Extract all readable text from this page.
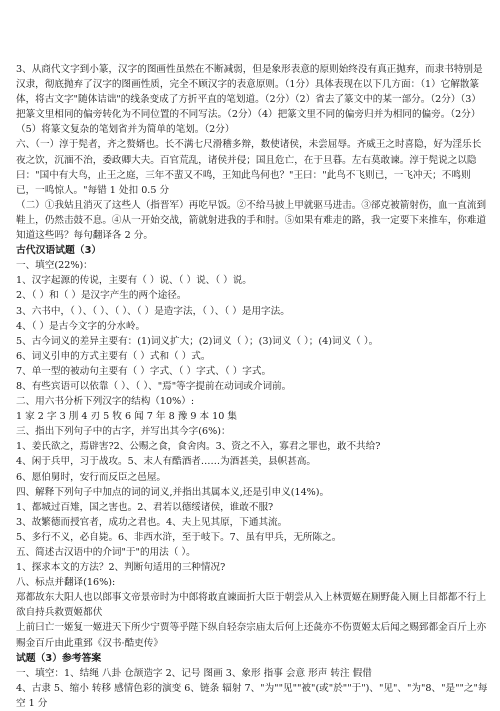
3、从商代文字到小篆，汉字的图画性虽然在不断减弱，但是象形表意的原则始终没有真正抛弃，而隶书特别是汉隶，彻底抛弃了汉字的图画性质，完全不顾汉字的表意原则。（1分）具体表现在以下几方面：（1）它解散篆体，将古文字"随体诘诎"的线条变成了方折平直的笔划道。（2分）（2）省去了篆文中的某一部分。（2分）（3）把篆文里相同的偏旁转化为不同位置的不同写法。（2分）（4）把篆文里不同的偏旁归并为相同的偏旁。（2分）（5）将篆文复杂的笔划省并为简单的笔划。（2分）

六、（一）淳于髡者，齐之赘婿也。长不满七尺滑稽多辩，数使诸侯，未尝屈辱。齐威王之时喜隐，好为淫乐长夜之饮，沉湎不治，委政卿大夫。百官荒乱，诸侯并侵；国且危亡，在于旦暮。左右莫敢谏。淳于髡说之以隐曰："国中有大鸟，止王之庭，三年不蜚又不鸣，王知此鸟何也？"王曰："此鸟不飞则已，一飞冲天；不鸣则已，一鸣惊人。"每错 1 处扣 0.5 分

（二）①我姑且消灭了这些人（指晋军）再吃早饭。②不给马披上甲就驱马进击。③郤克被箭射伤，血一直流到鞋上，仍然击鼓不息。④从一开始交战，箭就射进我的手和肘。⑤如果有难走的路，我一定要下来推车，你难道知道这些吗？每句翻译各 2 分。

古代汉语试题（3）

一、填空(22%)：

1、汉字起源的传说，主要有（ ）说、（ ）说、（ ）说。

2、（ ）和（ ）是汉字产生的两个途径。

3、六书中，（ ）、（ ）、（ ）、（ ）是造字法，（ ）、（ ）是用字法。

4、（ ）是古今文字的分水岭。

5、古今词义的差异主要有：(1)词义扩大；(2)词义（ ）；(3)词义（ ）；(4)词义（ ）。

6、词义引申的方式主要有（ ）式和（ ）式。

7、单一型的被动句主要有（ ）字式、（ ）字式、（ ）字式。

8、有些宾语可以依靠（ ）、（ ）、"焉"等字提前在动词或介词前。

二、用六书分析下列汉字的结构（10%）:

1 家 2 字 3 刖 4 刃 5 牧 6 闻 7 年 8 豫 9 本 10 集

三、指出下列句子中的古字，并写出其今字(6%)：

1、姜氏欲之，焉辟害?2、公赐之食，食舍肉。3、资之不入，寡君之罪也，敢不共给?

4、闲于兵甲，习于战攻。5、末人有酷酒者……为酒甚美，县帜甚高。

6、愿伯舅时，安行而反臣之邑屋。

四、解释下列句子中加点的词的词义,并指出其属本义,还是引申义(14%)。

1、都城过百雉，国之害也。2、君若以德绥诸侯，谁敢不服?

3、故繁德而授官者，成功之君也。4、夫上见其原，下通其流。

5、多行不义，必自毙。6、非西水浒，至于岐下。7、虽有甲兵，无所陈之。

五、简述古汉语中的介词"于"的用法（ ）。

1、探求本文的方法？2、判断句适用的三种情况?

八、标点并翻译(16%):

郑都故东大阳人也以郎事文帝景帝时为中郎将敢直谏面折大臣于朝尝从入上林贾姬在厕野彘入厕上目都都不行上欲自持兵救贾姬都伏

上前曰亡一姬复一姬进天下所少宁贾等乎陛下纵自轻奈宗庙太后何上还彘亦不伤贾姬太后闻之赐郅都金百斤上亦赐金百斤由此重郅《汉书·酷吏传》

试题（3）参考答案

一、填空：1、结绳 八卦 仓颉造字 2、记号 图画 3、象形 指事 会意 形声 转注 假借

4、古隶 5、缩小 转移 感情色彩的演变 6、链条 辐射 7、"为""见""被"(或"於""于")、"见"、"为"8、"是""之"每空 1 分
